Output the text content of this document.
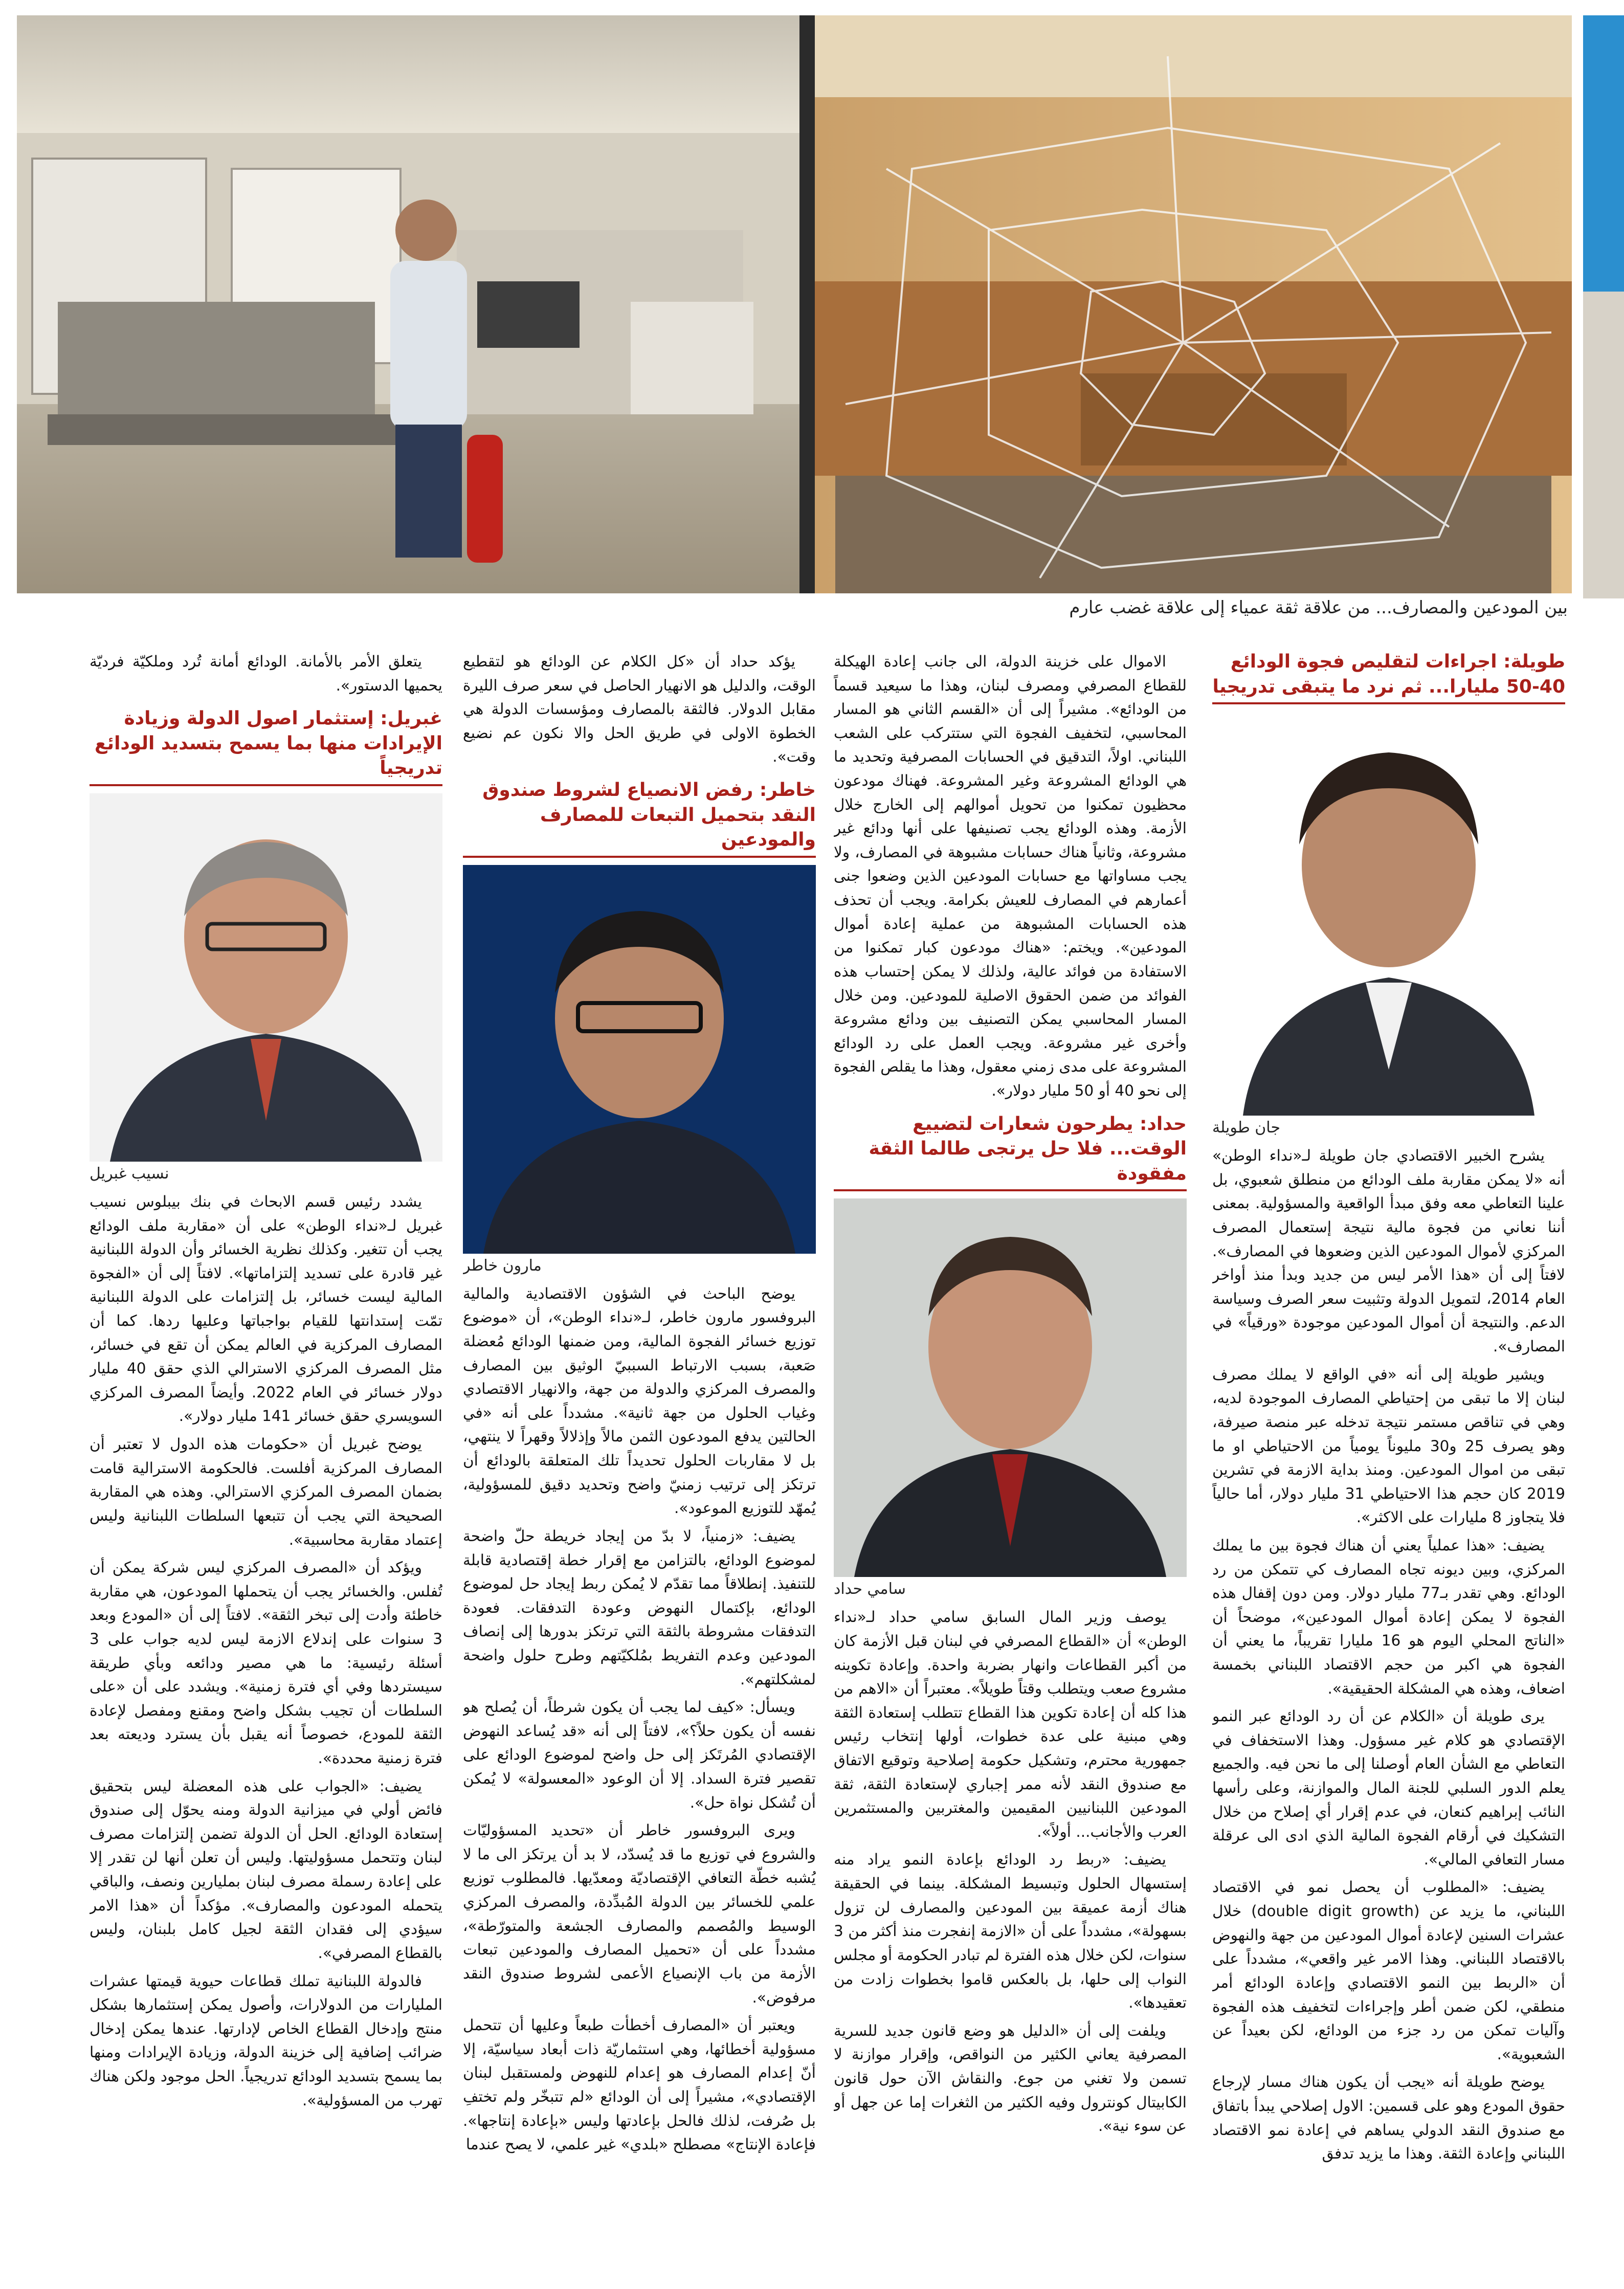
بين المودعين والمصارف... من علاقة ثقة عمياء إلى علاقة غضب عارم
طويلة: اجراءات لتقليص فجوة الودائع 40-50 مليارا... ثم نرد ما يتبقى تدريجيا
جان طويلة

يشرح الخبير الاقتصادي جان طويلة لـ«نداء الوطن» أنه «لا يمكن مقاربة ملف الودائع من منطلق شعبوي، بل علينا التعاطي معه وفق مبدأ الواقعية والمسؤولية. بمعنى أننا نعاني من فجوة مالية نتيجة إستعمال المصرف المركزي لأموال المودعين الذين وضعوها في المصارف». لافتاً إلى أن «هذا الأمر ليس من جديد وبدأ منذ أواخر العام 2014، لتمويل الدولة وتثبيت سعر الصرف وسياسة الدعم. والنتيجة أن أموال المودعين موجودة «ورقياً» في المصارف».

ويشير طويلة إلى أنه «في الواقع لا يملك مصرف لبنان إلا ما تبقى من إحتياطي المصارف الموجودة لديه، وهي في تناقص مستمر نتيجة تدخله عبر منصة صيرفة، وهو يصرف 25 و30 مليوناً يومياً من الاحتياطي او ما تبقى من اموال المودعين. ومنذ بداية الازمة في تشرين 2019 كان حجم هذا الاحتياطي 31 مليار دولار، أما حالياً فلا يتجاوز 8 مليارات على الاكثر».

يضيف: «هذا عملياً يعني أن هناك فجوة بين ما يملك المركزي، وبين ديونه تجاه المصارف كي تتمكن من رد الودائع. وهي تقدر بـ77 مليار دولار. ومن دون إقفال هذه الفجوة لا يمكن إعادة أموال المودعين»، موضحاً أن «الناتج المحلي اليوم هو 16 مليارا تقريباً، ما يعني أن الفجوة هي اكبر من حجم الاقتصاد اللبناني بخمسة اضعاف، وهذه هي المشكلة الحقيقية».

يرى طويلة أن «الكلام عن أن رد الودائع عبر النمو الإقتصادي هو كلام غير مسؤول. وهذا الاستخفاف في التعاطي مع الشأن العام أوصلنا إلى ما نحن فيه. والجميع يعلم الدور السلبي للجنة المال والموازنة، وعلى رأسها النائب إبراهيم كنعان، في عدم إقرار أي إصلاح من خلال التشكيك في أرقام الفجوة المالية الذي ادى الى عرقلة مسار التعافي المالي».

يضيف: «المطلوب أن يحصل نمو في الاقتصاد اللبناني، ما يزيد عن (double digit growth) خلال عشرات السنين لإعادة أموال المودعين من جهة والنهوض بالاقتصاد اللبناني. وهذا الامر غير واقعي»، مشدداً على أن «الربط بين النمو الاقتصادي وإعادة الودائع أمر منطقي، لكن ضمن أطر وإجراءات لتخفيف هذه الفجوة وآليات تمكن من رد جزء من الودائع، لكن بعيداً عن الشعبوية».

يوضح طويلة أنه «يجب أن يكون هناك مسار لإرجاع حقوق المودع وهو على قسمين: الاول إصلاحي يبدأ باتفاق مع صندوق النقد الدولي يساهم في إعادة نمو الاقتصاد اللبناني وإعادة الثقة. وهذا ما يزيد تدفق

الاموال على خزينة الدولة، الى جانب إعادة الهيكلة للقطاع المصرفي ومصرف لبنان، وهذا ما سيعيد قسماً من الودائع». مشيراً إلى أن «القسم الثاني هو المسار المحاسبي، لتخفيف الفجوة التي ستتركب على الشعب اللبناني. اولاً، التدقيق في الحسابات المصرفية وتحديد ما هي الودائع المشروعة وغير المشروعة. فهناك مودعون محظيون تمكنوا من تحويل أموالهم إلى الخارج خلال الأزمة. وهذه الودائع يجب تصنيفها على أنها ودائع غير مشروعة، وثانياً هناك حسابات مشبوهة في المصارف، ولا يجب مساواتها مع حسابات المودعين الذين وضعوا جنى أعمارهم في المصارف للعيش بكرامة. ويجب أن تحذف هذه الحسابات المشبوهة من عملية إعادة أموال المودعين». ويختم: «هناك مودعون كبار تمكنوا من الاستفادة من فوائد عالية، ولذلك لا يمكن إحتساب هذه الفوائد من ضمن الحقوق الاصلية للمودعين. ومن خلال المسار المحاسبي يمكن التصنيف بين ودائع مشروعة وأخرى غير مشروعة. ويجب العمل على رد الودائع المشروعة على مدى زمني معقول، وهذا ما يقلص الفجوة إلى نحو 40 أو 50 مليار دولار».

حداد: يطرحون شعارات لتضييع الوقت... فلا حل يرتجى طالما الثقة مفقودة
سامي حداد

يوصف وزير المال السابق سامي حداد لـ«نداء الوطن» أن «القطاع المصرفي في لبنان قبل الأزمة كان من أكبر القطاعات وانهار بضربة واحدة. وإعادة تكوينه مشروع صعب ويتطلب وقتاً طويلاً». معتبراً أن «الاهم من هذا كله أن إعادة تكوين هذا القطاع تتطلب إستعادة الثقة وهي مبنية على عدة خطوات، أولها إنتخاب رئيس جمهورية محترم، وتشكيل حكومة إصلاحية وتوقيع الاتفاق مع صندوق النقد لأنه ممر إجباري لإستعادة الثقة، ثقة المودعين اللبنانيين المقيمين والمغتربين والمستثمرين العرب والأجانب... أولاً».

يضيف: «ربط رد الودائع بإعادة النمو يراد منه إستسهال الحلول وتبسيط المشكلة. بينما في الحقيقة هناك أزمة عميقة بين المودعين والمصارف لن تزول بسهولة»، مشدداً على أن «الازمة إنفجرت منذ أكثر من 3 سنوات، لكن خلال هذه الفترة لم تبادر الحكومة أو مجلس النواب إلى حلها، بل بالعكس قاموا بخطوات زادت من تعقيدها».

ويلفت إلى أن «الدليل هو وضع قانون جديد للسرية المصرفية يعاني الكثير من النواقص، وإقرار موازنة لا تسمن ولا تغني من جوع. والنقاش الآن حول قانون الكابيتال كونترول وفيه الكثير من الثغرات إما عن جهل أو عن سوء نية».

يؤكد حداد أن «كل الكلام عن الودائع هو لتقطيع الوقت، والدليل هو الانهيار الحاصل في سعر صرف الليرة مقابل الدولار. فالثقة بالمصارف ومؤسسات الدولة هي الخطوة الاولى في طريق الحل والا نكون عم نضيع وقت».

خاطر: رفض الانصياع لشروط صندوق النقد بتحميل التبعات للمصارف والمودعين
مارون خاطر

يوضح الباحث في الشؤون الاقتصادية والمالية البروفسور مارون خاطر، لـ«نداء الوطن»، أن «موضوع توزيع خسائر الفجوة المالية، ومن ضمنها الودائع مُعضلة صَعبة، بسبب الارتباط السببيّ الوثيق بين المصارف والمصرف المركزي والدولة من جهة، والانهيار الاقتصادي وغياب الحلول من جهة ثانية». مشدداً على أنه «في الحالتين يدفع المودعون الثمن مالاً وإذلالاً وقهراً لا ينتهي، بل لا مقاربات الحلول تحديداً تلك المتعلقة بالودائع أن ترتكز إلى ترتيب زمنيّ واضح وتحديد دقيق للمسؤولية، يُمهّد للتوزيع الموعود».

يضيف: «زمنياً، لا بدّ من إيجاد خريطة حلّ واضحة لموضوع الودائع، بالتزامن مع إقرار خطة إقتصادية قابلة للتنفيذ. إنطلاقاً مما تقدّم لا يُمكن ربط إيجاد حل لموضوع الودائع، بإكتمال النهوض وعودة التدفقات. فعودة التدفقات مشروطة بالثقة التي ترتكز بدورها إلى إنصاف المودعين وعدم التفريط بمُلكيّتهم وطرح حلول واضحة لمشكلتهم».

ويسأل: «كيف لما يجب أن يكون شرطاً، أن يُصلح هو نفسه أن يكون حلاً؟»، لافتاً إلى أنه «قد يُساعد النهوض الإقتصادي المُرتَكز إلى حل واضح لموضوع الودائع على تقصير فترة السداد. إلا أن الوعود «المعسولة» لا يُمكن أن تُشكل نواة حل».

ويرى البروفسور خاطر أن «تحديد المسؤوليّات والشروع في توزيع ما قد يُسدّد، لا بد أن يرتكز الى ما لا يُشبه خطّة التعافي الإقتصاديّة ومعدّيها. فالمطلوب توزيع علمي للخسائر بين الدولة المُبدِّدة، والمصرف المركزي الوسيط والمُصمم والمصارف الجشعة والمتورّطة»، مشدداً على أن «تحميل المصارف والمودعين تبعات الأزمة من باب الإنصياع الأعمى لشروط صندوق النقد مرفوض».

ويعتبر أن «المصارف أخطأت طبعاً وعليها أن تتحمل مسؤولية أخطائها، وهي استثماريّة ذات أبعاد سياسيّة، إلا أنّ إعدام المصارف هو إعدام للنهوض ولمستقبل لبنان الإقتصادي»، مشيراً إلى أن الودائع «لم تتبخّر ولم تختفِ بل صُرفت، لذلك فالحل بإعادتها وليس «بإعادة إنتاجها». فإعادة الإنتاج» مصطلح «بلدي» غير علمي، لا يصح عندما

يتعلق الأمر بالأمانة. الودائع أمانة تُرد وملكيّة فرديّة يحميها الدستور».

غبريل: إستثمار اصول الدولة وزيادة الإيرادات منها بما يسمح بتسديد الودائع تدريجياً
نسيب غبريل

يشدد رئيس قسم الابحاث في بنك بيبلوس نسيب غبريل لـ«نداء الوطن» على أن «مقاربة ملف الودائع يجب أن تتغير. وكذلك نظرية الخسائر وأن الدولة اللبنانية غير قادرة على تسديد إلتزاماتها». لافتاً إلى أن «الفجوة المالية ليست خسائر، بل إلتزامات على الدولة اللبنانية تمّت إستدانتها للقيام بواجباتها وعليها ردها. كما أن المصارف المركزية في العالم يمكن أن تقع في خسائر، مثل المصرف المركزي الاسترالي الذي حقق 40 مليار دولار خسائر في العام 2022. وأيضاً المصرف المركزي السويسري حقق خسائر 141 مليار دولار».

يوضح غبريل أن «حكومات هذه الدول لا تعتبر أن المصارف المركزية أفلست. فالحكومة الاسترالية قامت بضمان المصرف المركزي الاسترالي. وهذه هي المقاربة الصحيحة التي يجب أن تتبعها السلطات اللبنانية وليس إعتماد مقاربة محاسبية».

ويؤكد أن «المصرف المركزي ليس شركة يمكن أن تُفلس. والخسائر يجب أن يتحملها المودعون، هي مقاربة خاطئة وأدت إلى تبخر الثقة». لافتاً إلى أن «المودع وبعد 3 سنوات على إندلاع الازمة ليس لديه جواب على 3 أسئلة رئيسية: ما هي مصير ودائعه وبأي طريقة سيستردها وفي أي فترة زمنية». ويشدد على أن «على السلطات أن تجيب بشكل واضح ومقنع ومفصل لإعادة الثقة للمودع، خصوصاً أنه يقبل بأن يسترد وديعته بعد فترة زمنية محددة».

يضيف: «الجواب على هذه المعضلة ليس بتحقيق فائض أولي في ميزانية الدولة ومنه يحوّل إلى صندوق إستعادة الودائع. الحل أن الدولة تضمن إلتزامات مصرف لبنان وتتحمل مسؤوليتها. وليس أن تعلن أنها لن تقدر إلا على إعادة رسملة مصرف لبنان بمليارين ونصف، والباقي يتحمله المودعون والمصارف». مؤكداً أن «هذا الامر سيؤدي إلى فقدان الثقة لجيل كامل بلبنان، وليس بالقطاع المصرفي».

فالدولة اللبنانية تملك قطاعات حيوية قيمتها عشرات المليارات من الدولارات، وأصول يمكن إستثمارها بشكل منتج وإدخال القطاع الخاص لإدارتها. عندها يمكن إدخال ضرائب إضافية إلى خزينة الدولة، وزيادة الإيرادات ومنها بما يسمح بتسديد الودائع تدريجياً. الحل موجود ولكن هناك تهرب من المسؤولية».
